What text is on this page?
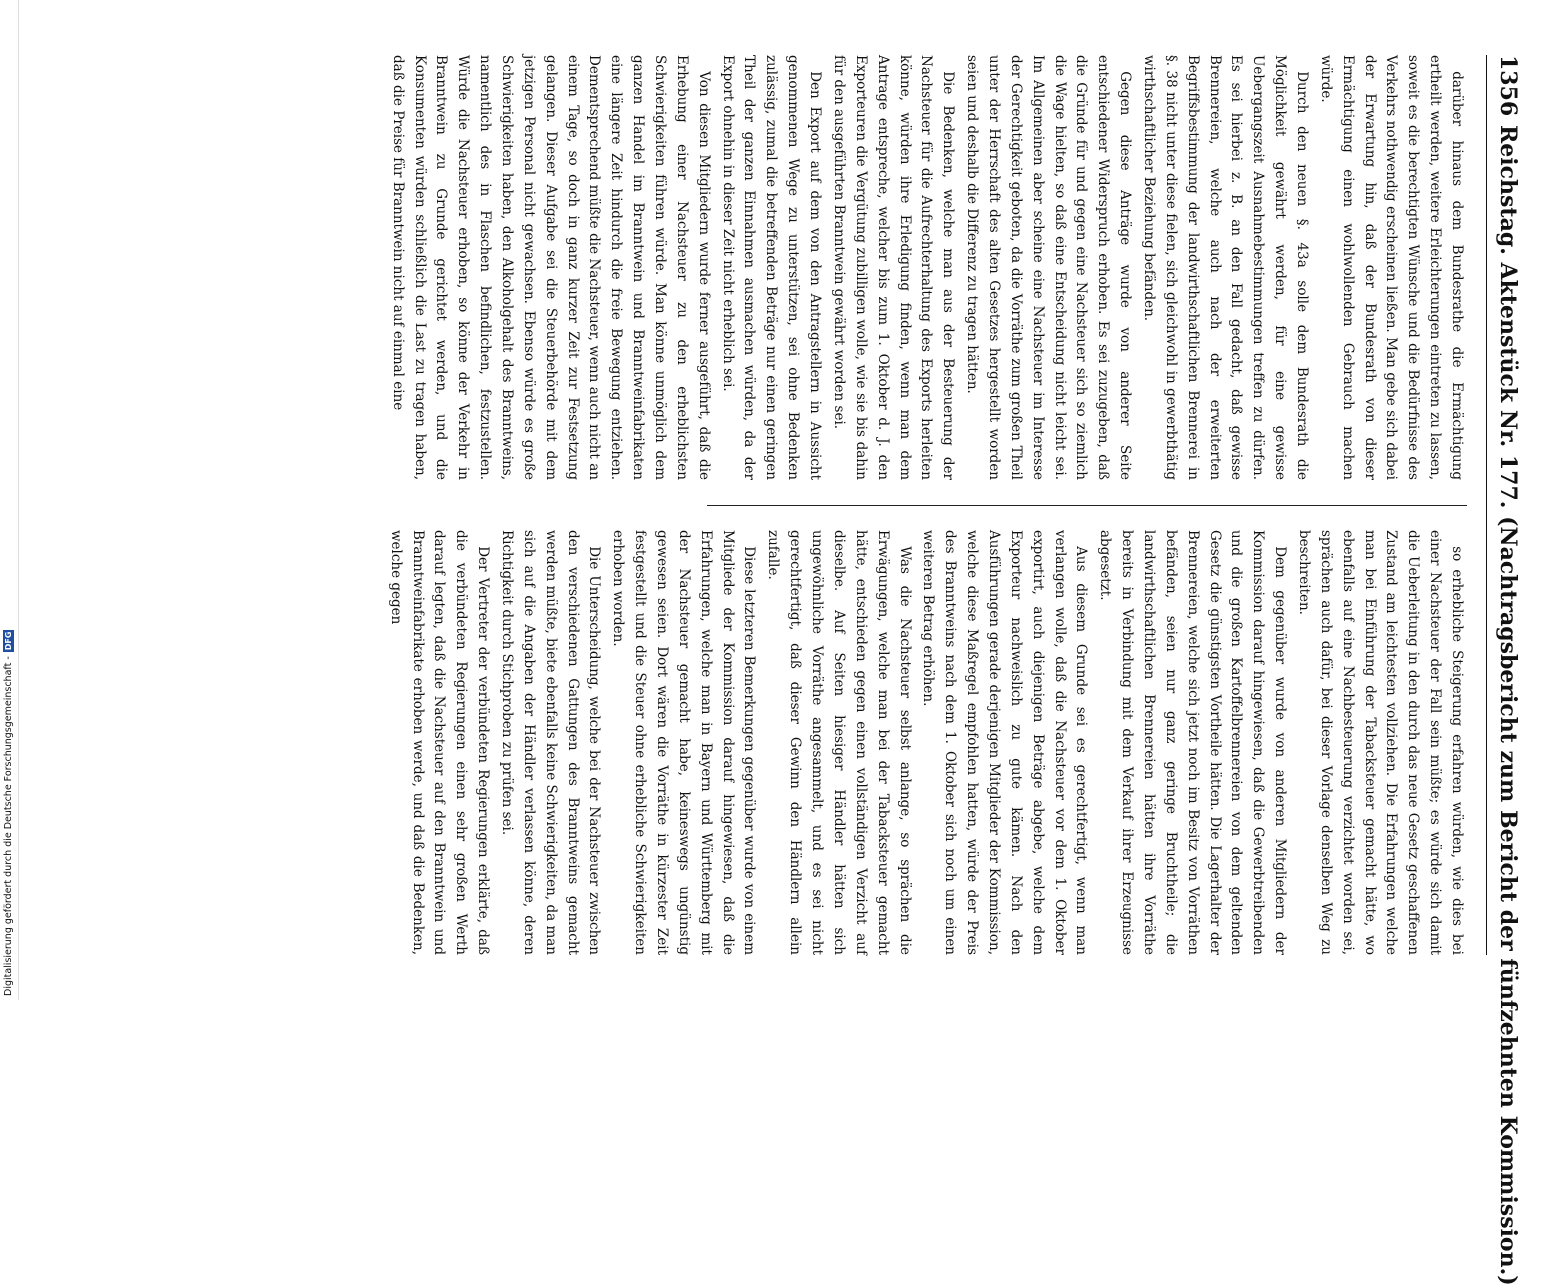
1356
Reichstag. Aktenstück Nr. 177. (Nachtragsbericht zum Bericht der fünfzehnten Kommission.)

darüber hinaus dem Bundesrathe die Ermächtigung ertheilt werden, weitere Erleichterungen eintreten zu lassen, soweit es die berechtigten Wünsche und die Bedürfnisse des Verkehrs nothwendig erscheinen ließen. Man gebe sich dabei der Erwartung hin, daß der Bundesrath von dieser Ermächtigung einen wohlwollenden Gebrauch machen würde.

Durch den neuen §. 43a solle dem Bundesrath die Möglichkeit gewährt werden, für eine gewisse Uebergangszeit Ausnahmebestimmungen treffen zu dürfen. Es sei hierbei z. B. an den Fall gedacht, daß gewisse Brennereien, welche auch nach der erweiterten Begriffsbestimmung der landwirthschaftlichen Brennerei in §. 38 nicht unter diese fielen, sich gleichwohl in gewerbthätig wirthschaftlicher Beziehung befänden.

Gegen diese Anträge wurde von anderer Seite entschiedener Widerspruch erhoben. Es sei zuzugeben, daß die Gründe für und gegen eine Nachsteuer sich so ziemlich die Wage hielten, so daß eine Entscheidung nicht leicht sei. Im Allgemeinen aber scheine eine Nachsteuer im Interesse der Gerechtigkeit geboten, da die Vorräthe zum großen Theil unter der Herrschaft des alten Gesetzes hergestellt worden seien und deshalb die Differenz zu tragen hätten.

Die Bedenken, welche man aus der Besteuerung der Nachsteuer für die Aufrechterhaltung des Exports herleiten könne, würden ihre Erledigung finden, wenn man dem Antrage entspreche, welcher bis zum 1. Oktober d. J. den Exporteuren die Vergütung zubilligen wolle, wie sie bis dahin für den ausgeführten Branntwein gewährt worden sei.

Den Export auf dem von den Antragstellern in Aussicht genommenen Wege zu unterstützen, sei ohne Bedenken zulässig, zumal die betreffenden Beträge nur einen geringen Theil der ganzen Einnahmen ausmachen würden, da der Export ohnehin in dieser Zeit nicht erheblich sei.

Von diesen Mitgliedern wurde ferner ausgeführt, daß die Erhebung einer Nachsteuer zu den erheblichsten Schwierigkeiten führen würde. Man könne unmöglich dem ganzen Handel im Branntwein und Branntweinfabrikaten eine längere Zeit hindurch die freie Bewegung entziehen. Dementsprechend müßte die Nachsteuer, wenn auch nicht an einem Tage, so doch in ganz kurzer Zeit zur Festsetzung gelangen. Dieser Aufgabe sei die Steuerbehörde mit dem jetzigen Personal nicht gewachsen. Ebenso würde es große Schwierigkeiten haben, den Alkoholgehalt des Branntweins, namentlich des in Flaschen befindlichen, festzustellen. Würde die Nachsteuer erhoben, so könne der Verkehr in Branntwein zu Grunde gerichtet werden, und die Konsumenten würden schließlich die Last zu tragen haben, daß die Preise für Branntwein nicht auf einmal eine

so erhebliche Steigerung erfahren würden, wie dies bei einer Nachsteuer der Fall sein müßte; es würde sich damit die Ueberleitung in den durch das neue Gesetz geschaffenen Zustand am leichtesten vollziehen. Die Erfahrungen welche man bei Einführung der Tabacksteuer gemacht hätte, wo ebenfalls auf eine Nachbesteuerung verzichtet worden sei, sprächen auch dafür, bei dieser Vorlage denselben Weg zu beschreiten.

Dem gegenüber wurde von anderen Mitgliedern der Kommission darauf hingewiesen, daß die Gewerbtreibenden und die großen Kartoffelbrennereien von dem geltenden Gesetz die günstigsten Vortheile hätten. Die Lagerhalter der Brennereien, welche sich jetzt noch im Besitz von Vorräthen befänden, seien nur ganz geringe Bruchtheile; die landwirthschaftlichen Brennereien hätten ihre Vorräthe bereits in Verbindung mit dem Verkauf ihrer Erzeugnisse abgesetzt.

Aus diesem Grunde sei es gerechtfertigt, wenn man verlangen wolle, daß die Nachsteuer vor dem 1. Oktober exportirt, auch diejenigen Beträge abgebe, welche dem Exporteur nachweislich zu gute kämen. Nach den Ausführungen gerade derjenigen Mitglieder der Kommission, welche diese Maßregel empfohlen hatten, würde der Preis des Branntweins nach dem 1. Oktober sich noch um einen weiteren Betrag erhöhen.

Was die Nachsteuer selbst anlange, so sprächen die Erwägungen, welche man bei der Tabacksteuer gemacht hätte, entschieden gegen einen vollständigen Verzicht auf dieselbe. Auf Seiten hiesiger Händler hätten sich ungewöhnliche Vorräthe angesammelt, und es sei nicht gerechtfertigt, daß dieser Gewinn den Händlern allein zufalle.

Diese letzteren Bemerkungen gegenüber wurde von einem Mitgliede der Kommission darauf hingewiesen, daß die Erfahrungen, welche man in Bayern und Württemberg mit der Nachsteuer gemacht habe, keineswegs ungünstig gewesen seien. Dort wären die Vorräthe in kürzester Zeit festgestellt und die Steuer ohne erhebliche Schwierigkeiten erhoben worden.

Die Unterscheidung, welche bei der Nachsteuer zwischen den verschiedenen Gattungen des Branntweins gemacht werden müßte, biete ebenfalls keine Schwierigkeiten, da man sich auf die Angaben der Händler verlassen könne, deren Richtigkeit durch Stichproben zu prüfen sei.

Der Vertreter der verbündeten Regierungen erklärte, daß die verbündeten Regierungen einen sehr großen Werth darauf legten, daß die Nachsteuer auf den Branntwein und Branntweinfabrikate erhoben werde, und daß die Bedenken, welche gegen

Digitalisierung gefördert durch die Deutsche Forschungsgemeinschaft -DFG
